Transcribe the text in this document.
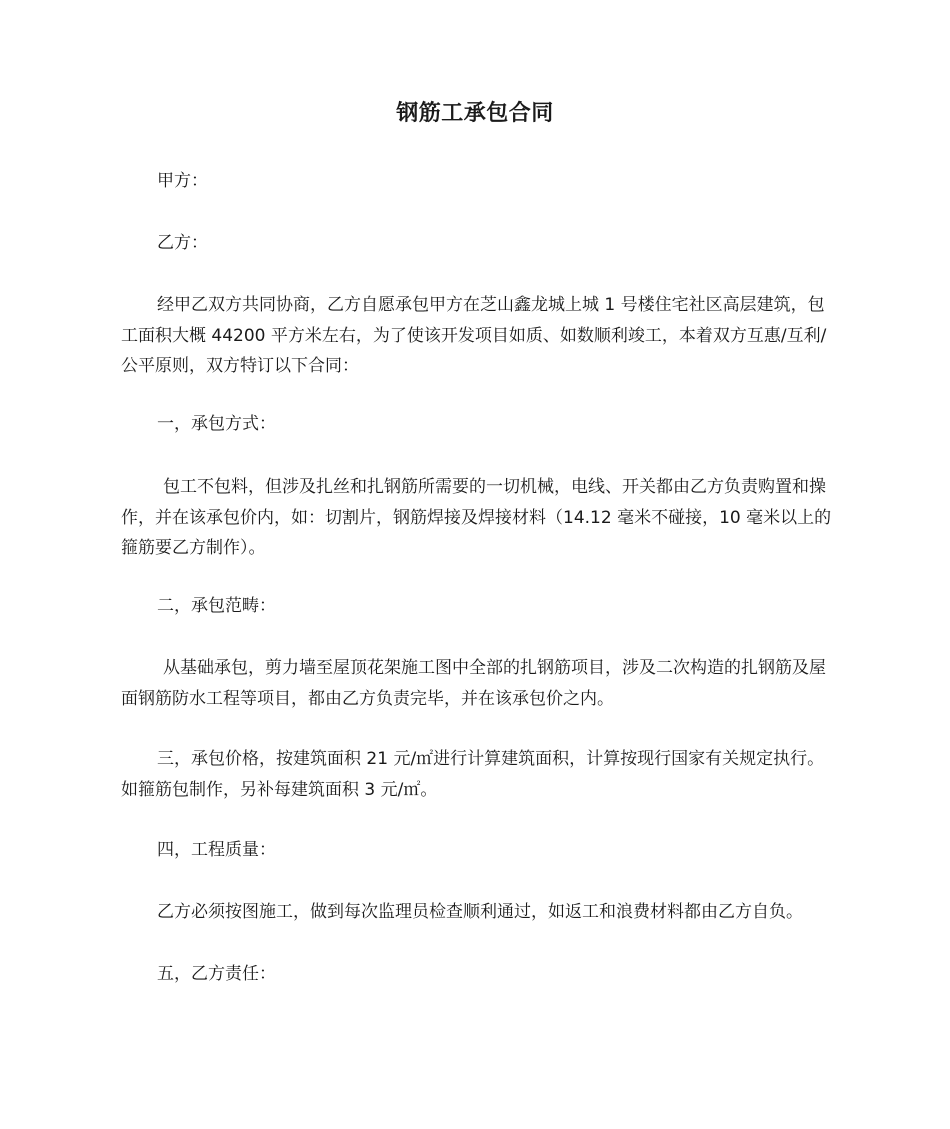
钢筋工承包合同

甲方：

乙方：

经甲乙双方共同协商，乙方自愿承包甲方在芝山鑫龙城上城 1 号楼住宅社区高层建筑，包工面积大概 44200 平方米左右，为了使该开发项目如质、如数顺利竣工，本着双方互惠/互利/公平原则，双方特订以下合同：

一，承包方式：

包工不包料，但涉及扎丝和扎钢筋所需要的一切机械，电线、开关都由乙方负责购置和操作，并在该承包价内，如：切割片，钢筋焊接及焊接材料（14.12 毫米不碰接，10 毫米以上的箍筋要乙方制作）。

二，承包范畴：

从基础承包，剪力墙至屋顶花架施工图中全部的扎钢筋项目，涉及二次构造的扎钢筋及屋面钢筋防水工程等项目，都由乙方负责完毕，并在该承包价之内。

三，承包价格，按建筑面积 21 元/㎡进行计算建筑面积，计算按现行国家有关规定执行。如箍筋包制作，另补每建筑面积 3 元/㎡。

四，工程质量：

乙方必须按图施工，做到每次监理员检查顺利通过，如返工和浪费材料都由乙方自负。

五，乙方责任：
